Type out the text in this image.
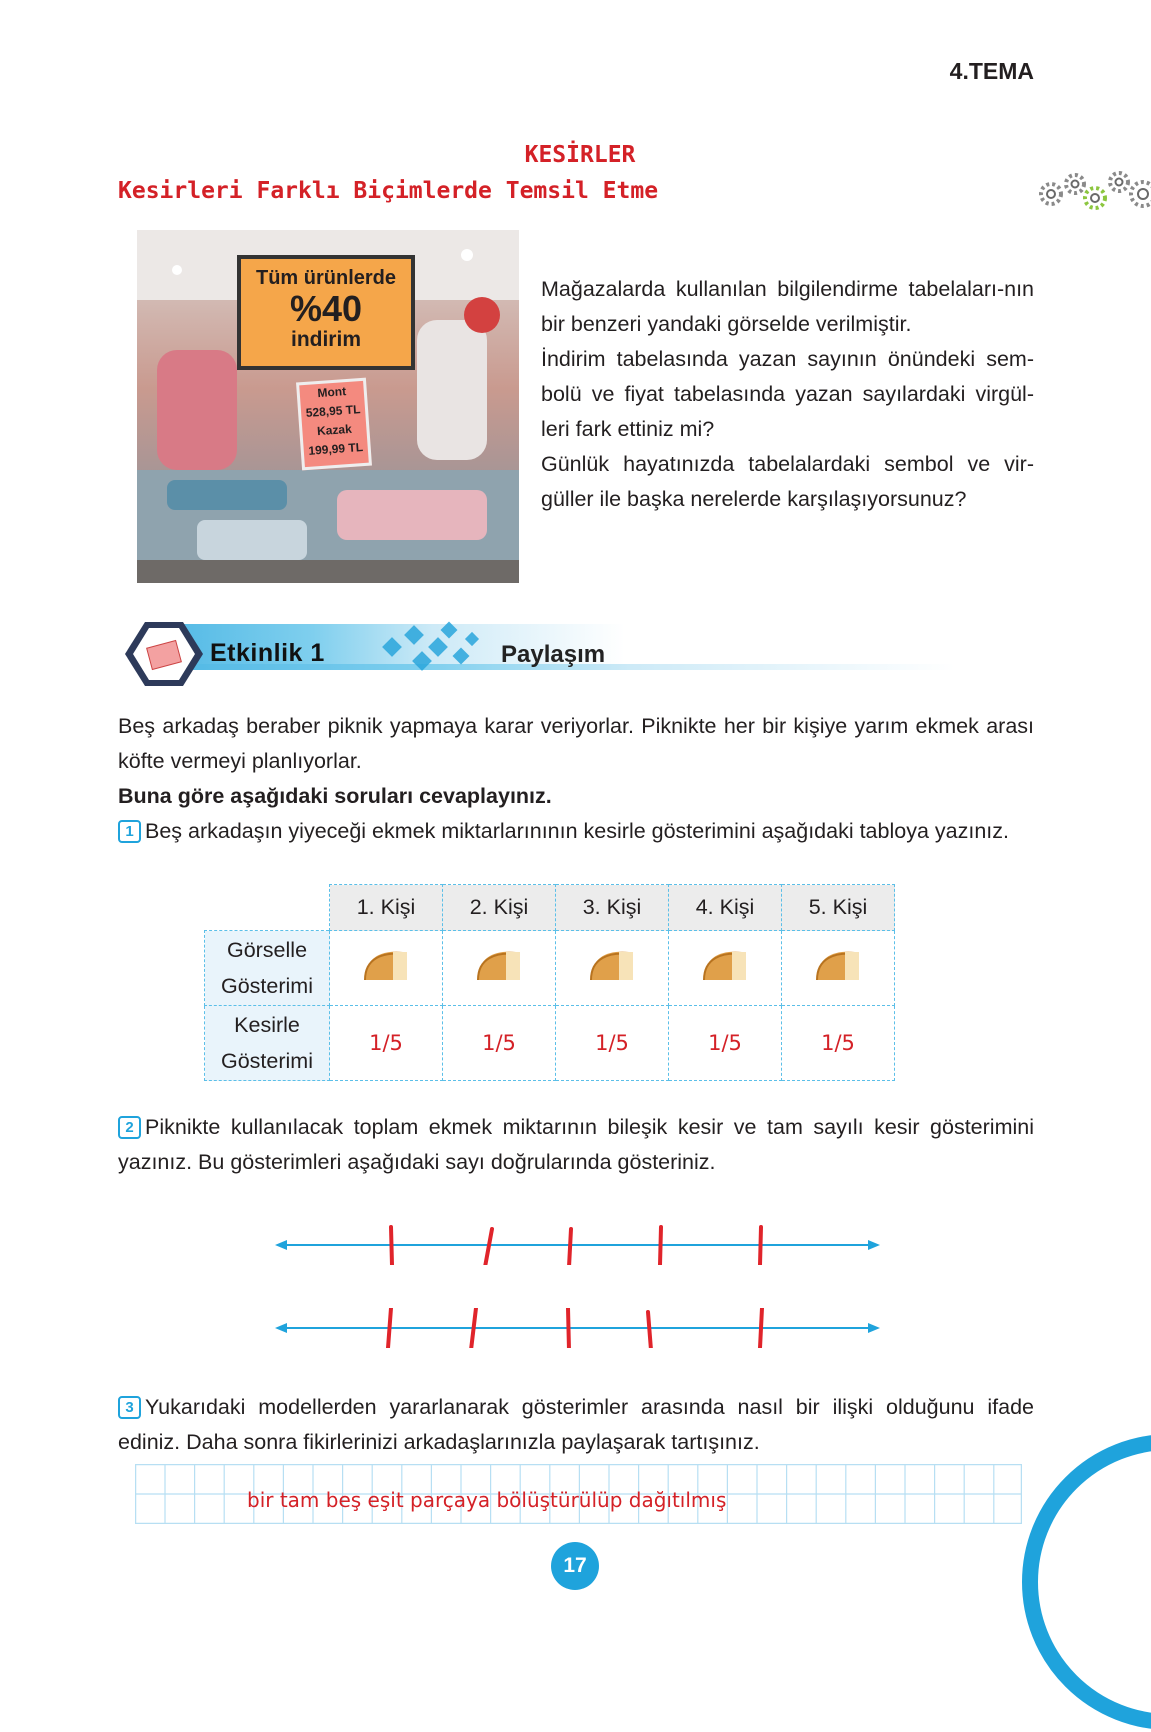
4.TEMA
KESİRLER
Kesirleri Farklı Biçimlerde Temsil Etme
Tüm ürünlerde
%40
indirim
Mont
528,95 TL
Kazak
199,99 TL

Mağazalarda kullanılan bilgilendirme tabelaları-nın bir benzeri yandaki görselde verilmiştir.

İndirim tabelasında yazan sayının önündeki sem-bolü ve fiyat tabelasında yazan sayılardaki virgül-leri fark ettiniz mi?

Günlük hayatınızda tabelalardaki sembol ve vir-güller ile başka nerelerde karşılaşıyorsunuz?

Etkinlik 1	Paylaşım

Beş arkadaş beraber piknik yapmaya karar veriyorlar. Piknikte her bir kişiye yarım ekmek arası köfte vermeyi planlıyorlar.

Buna göre aşağıdaki soruları cevaplayınız.

1 Beş arkadaşın yiyeceği ekmek miktarlarınının kesirle gösterimini aşağıdaki tabloya yazınız.

	1. Kişi	2. Kişi	3. Kişi	4. Kişi	5. Kişi
Görselle
Gösterimi					
Kesirle
Gösterimi	1/5	1/5	1/5	1/5	1/5

2 Piknikte kullanılacak toplam ekmek miktarının bileşik kesir ve tam sayılı kesir gösterimini yazınız. Bu gösterimleri aşağıdaki sayı doğrularında gösteriniz.

3 Yukarıdaki modellerden yararlanarak gösterimler arasında nasıl bir ilişki olduğunu ifade ediniz. Daha sonra fikirlerinizi arkadaşlarınızla paylaşarak tartışınız.

bir tam beş eşit parçaya bölüştürülüp dağıtılmış
17
